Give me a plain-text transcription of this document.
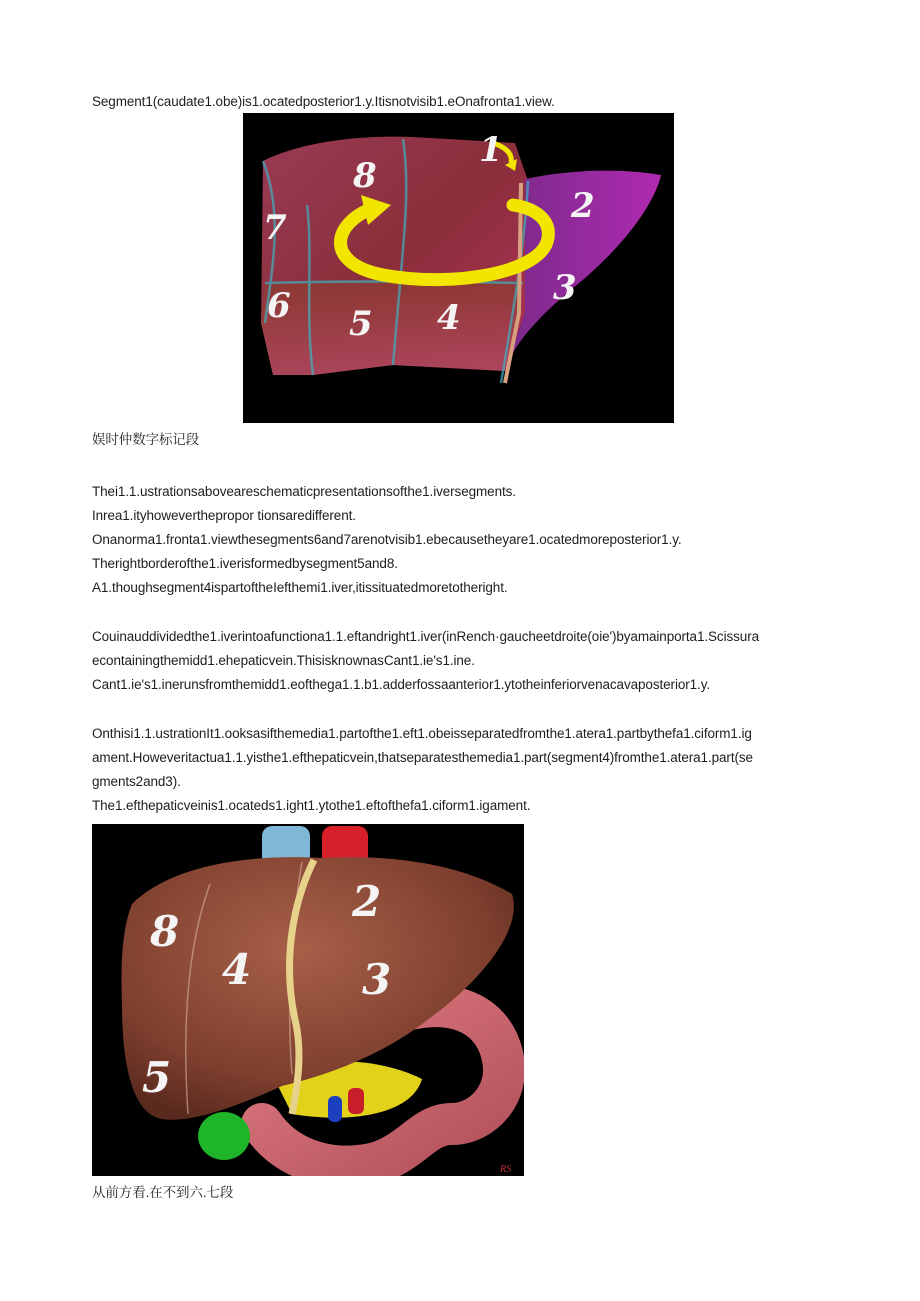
Segment1(caudate1.obe)is1.ocatedposterior1.y.Itisnotvisib1.eOnafronta1.view.
1
2
3
4
5
6
7
8
娱时仲数字标记段
Thei1.1.ustrationsaboveareschematicpresentationsofthe1.iversegments.
Inrea1.ityhoweverthepropor tionsaredifferent.
Onanorma1.fronta1.viewthesegments6and7arenotvisib1.ebecausetheyare1.ocatedmoreposterior1.y.
Therightborderofthe1.iverisformedbysegment5and8.
A1.thoughsegment4ispartoftheIefthemi1.iver,itissituatedmoretotheright.
Couinauddividedthe1.iverintoafunctiona1.1.eftandright1.iver(inRench·gaucheetdroite(oie')byamainporta1.Scissura
econtainingthemidd1.ehepaticvein.ThisisknownasCant1.ie's1.ine.
Cant1.ie's1.inerunsfromthemidd1.eofthega1.1.b1.adderfossaanterior1.ytotheinferiorvenacavaposterior1.y.
Onthisi1.1.ustrationIt1.ooksasifthemedia1.partofthe1.eft1.obeisseparatedfromthe1.atera1.partbythefa1.ciform1.ig
ament.Howeveritactua1.1.yisthe1.efthepaticvein,thatseparatesthemedia1.part(segment4)fromthe1.atera1.part(se
gments2and3).
The1.efthepaticveinis1.ocateds1.ight1.ytothe1.eftofthefa1.ciform1.igament.
2
3
4
5
8
RS
从前方看.在不到六.七段
